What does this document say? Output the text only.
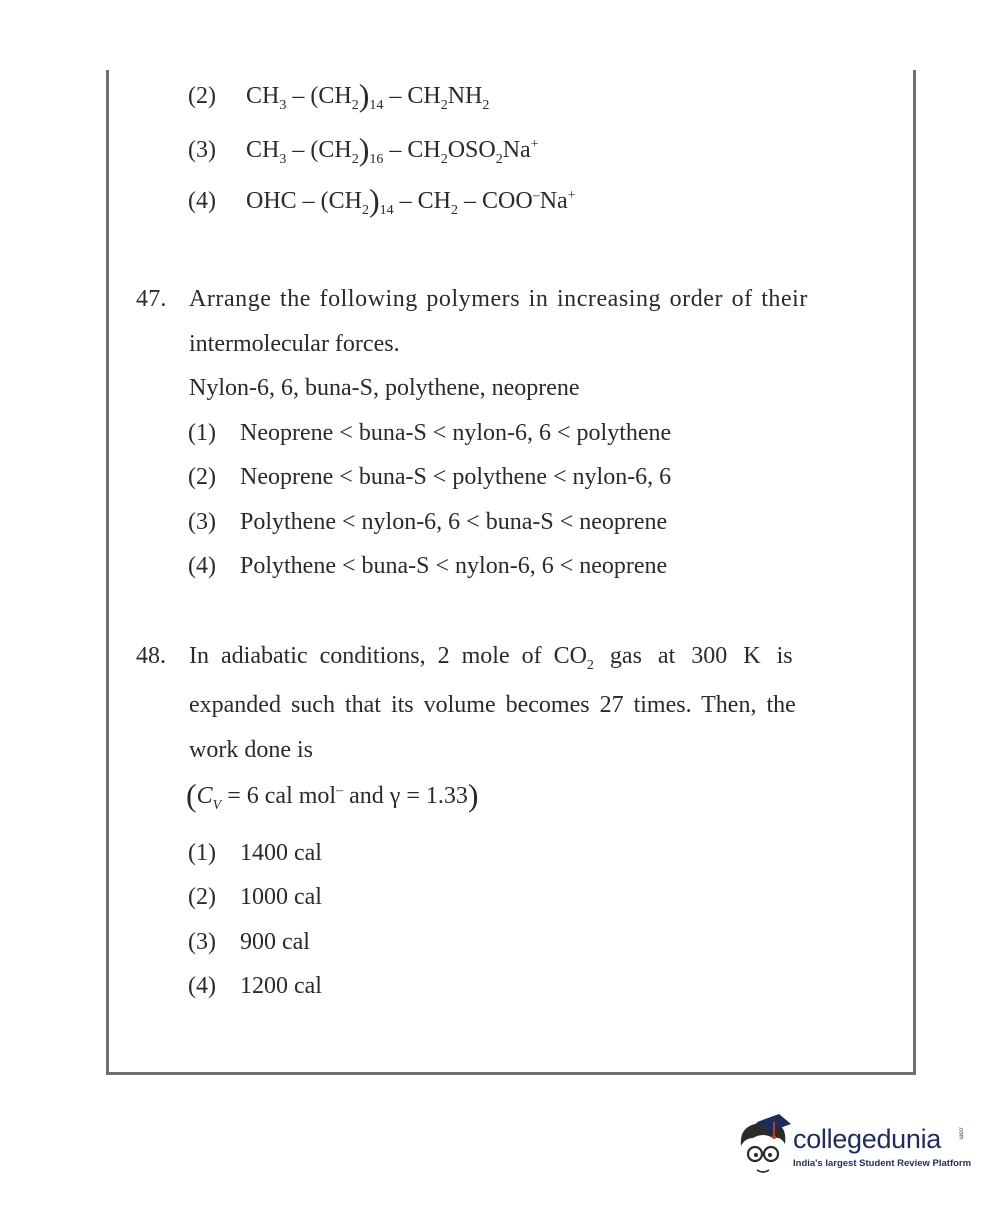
(2) $CH_3 - (CH_2)_{14} - CH_2NH_2$
(3) $CH_3 - (CH_2)_{16} - CH_2OSO_2Na^+$
(4) OHC – $(CH_2)_{14} - CH_2 - COO^-Na^+$
47. Arrange the following polymers in increasing order of their
intermolecular forces.
Nylon-6, 6, buna-S, polythene, neoprene
(1) Neoprene < buna-S < nylon-6, 6 < polythene
(2) Neoprene < buna-S < polythene < nylon-6, 6
(3) Polythene < nylon-6, 6 < buna-S < neoprene
(4) Polythene < buna-S < nylon-6, 6 < neoprene
48. In adiabatic conditions, 2 mole of $CO_2$ gas at 300 K is
expanded such that its volume becomes 27 times. Then, the
work done is
($C_V = 6$ cal mol– and γ = 1.33)
(1) 1400 cal
(2) 1000 cal
(3) 900 cal
(4) 1200 cal
collegedunia	.com
India's largest Student Review Platform
